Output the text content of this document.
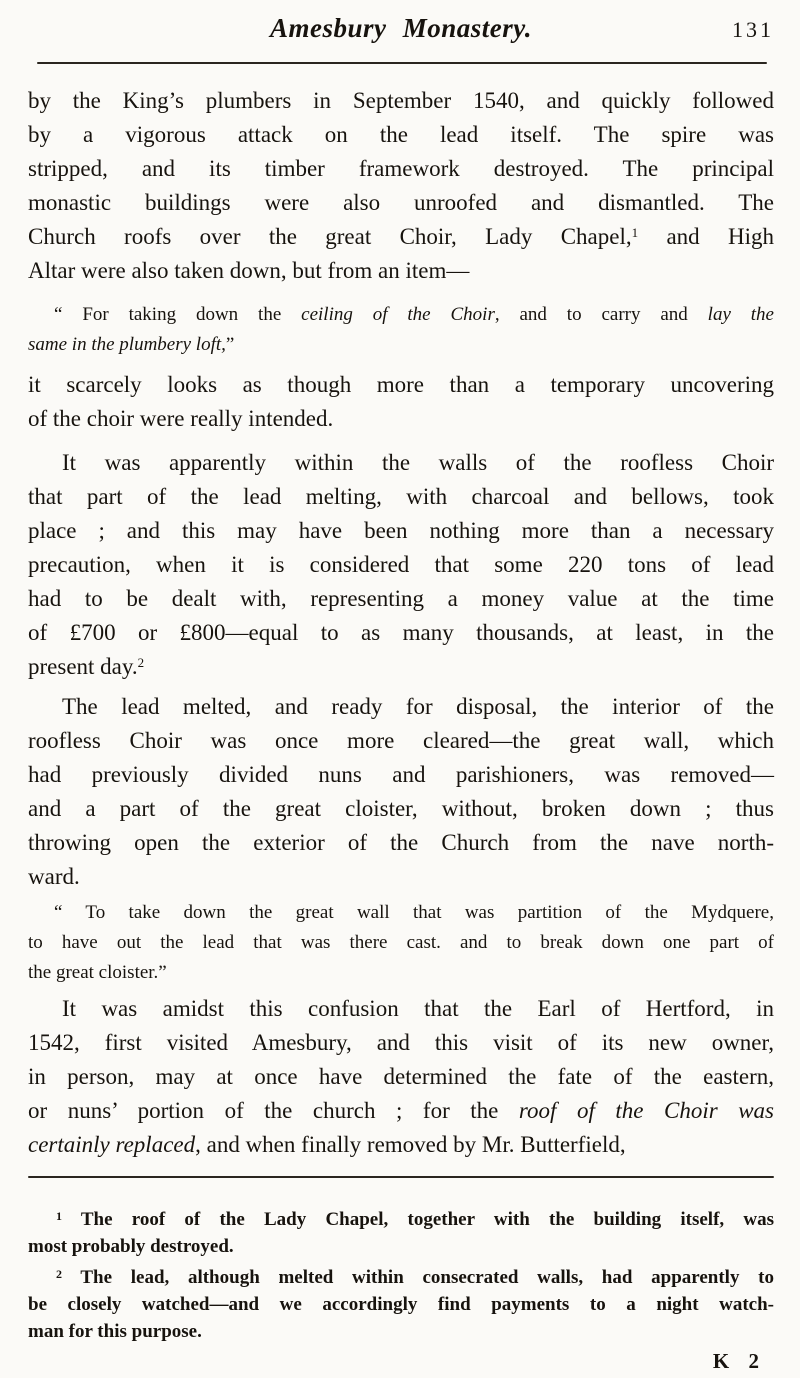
Amesbury Monastery.	131
by the King’s plumbers in September 1540, and quickly followed
by a vigorous attack on the lead itself. The spire was
stripped, and its timber framework destroyed. The principal
monastic buildings were also unroofed and dismantled. The
Church roofs over the great Choir, Lady Chapel,$^1$ and High
Altar were also taken down, but from an item—
“ For taking down the ceiling of the Choir, and to carry and lay the
same in the plumbery loft,”
it scarcely looks as though more than a temporary uncovering
of the choir were really intended.
It was apparently within the walls of the roofless Choir
that part of the lead melting, with charcoal and bellows, took
place ; and this may have been nothing more than a necessary
precaution, when it is considered that some 220 tons of lead
had to be dealt with, representing a money value at the time
of £700 or £800—equal to as many thousands, at least, in the
present day.$^2$
The lead melted, and ready for disposal, the interior of the
roofless Choir was once more cleared—the great wall, which
had previously divided nuns and parishioners, was removed—
and a part of the great cloister, without, broken down ; thus
throwing open the exterior of the Church from the nave north-
ward.
“ To take down the great wall that was partition of the Mydquere,
to have out the lead that was there cast. and to break down one part of
the great cloister.”
It was amidst this confusion that the Earl of Hertford, in
1542, first visited Amesbury, and this visit of its new owner,
in person, may at once have determined the fate of the eastern,
or nuns’ portion of the church ; for the roof of the Choir was
certainly replaced, and when finally removed by Mr. Butterfield,
$^1$ The roof of the Lady Chapel, together with the building itself, was
most probably destroyed.
$^2$ The lead, although melted within consecrated walls, had apparently to
be closely watched—and we accordingly find payments to a night watch-
man for this purpose.
K 2
